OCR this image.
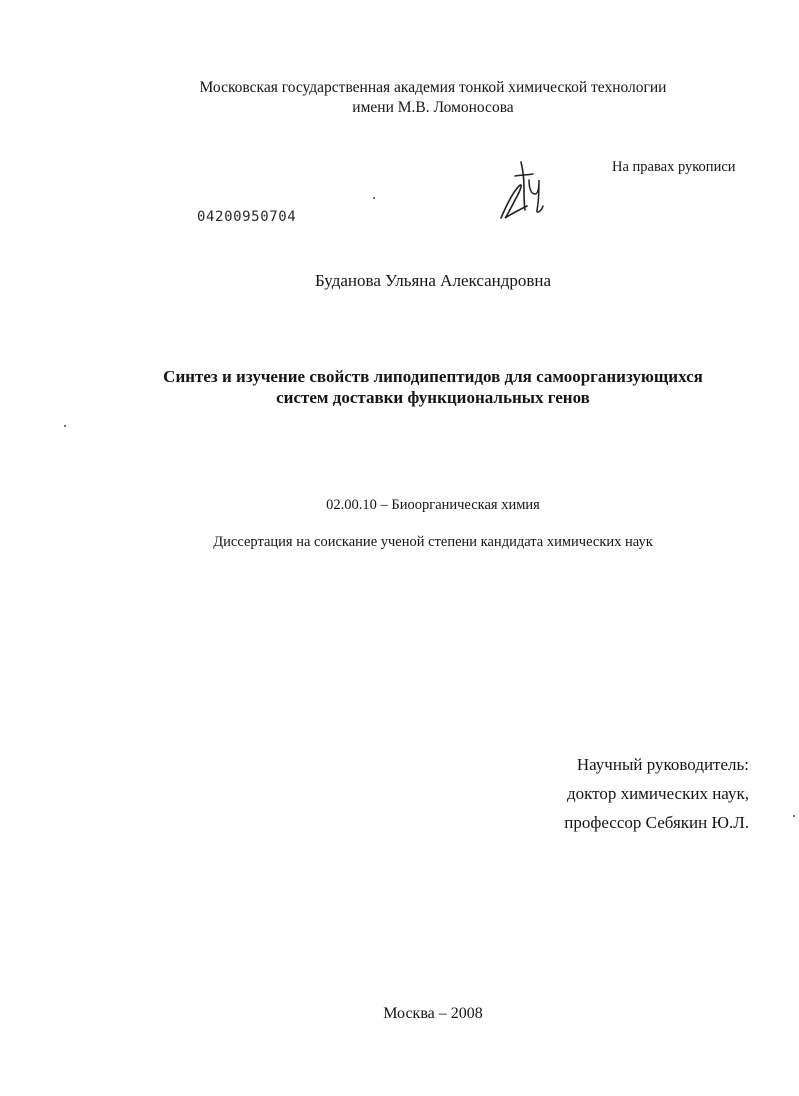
Московская государственная академия тонкой химической технологии
имени М.В. Ломоносова
На правах рукописи
04200950704
Буданова Ульяна Александровна
Синтез и изучение свойств липодипептидов для самоорганизующихся
систем доставки функциональных генов
02.00.10 – Биоорганическая химия
Диссертация на соискание ученой степени кандидата химических наук
Научный руководитель:
доктор химических наук,
профессор Себякин Ю.Л.
Москва – 2008
